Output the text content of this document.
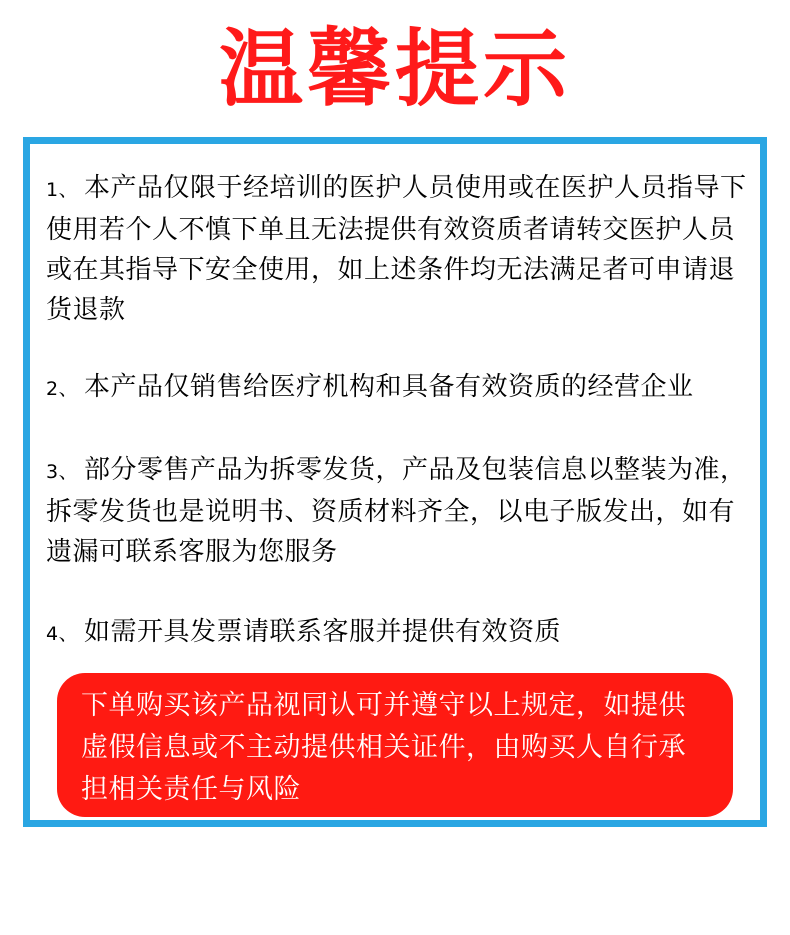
温馨提示
1、 本产品仅限于经培训的医护人员使用或在医护人员指导下使用若个人不慎下单且无法提供有效资质者请转交医护人员或在其指导下安全使用，如上述条件均无法满足者可申请退货退款
2、 本产品仅销售给医疗机构和具备有效资质的经营企业
3、 部分零售产品为拆零发货，产品及包装信息以整装为准，拆零发货也是说明书、资质材料齐全，以电子版发出，如有遗漏可联系客服为您服务
4、 如需开具发票请联系客服并提供有效资质
下单购买该产品视同认可并遵守以上规定，如提供虚假信息或不主动提供相关证件，由购买人自行承担相关责任与风险
